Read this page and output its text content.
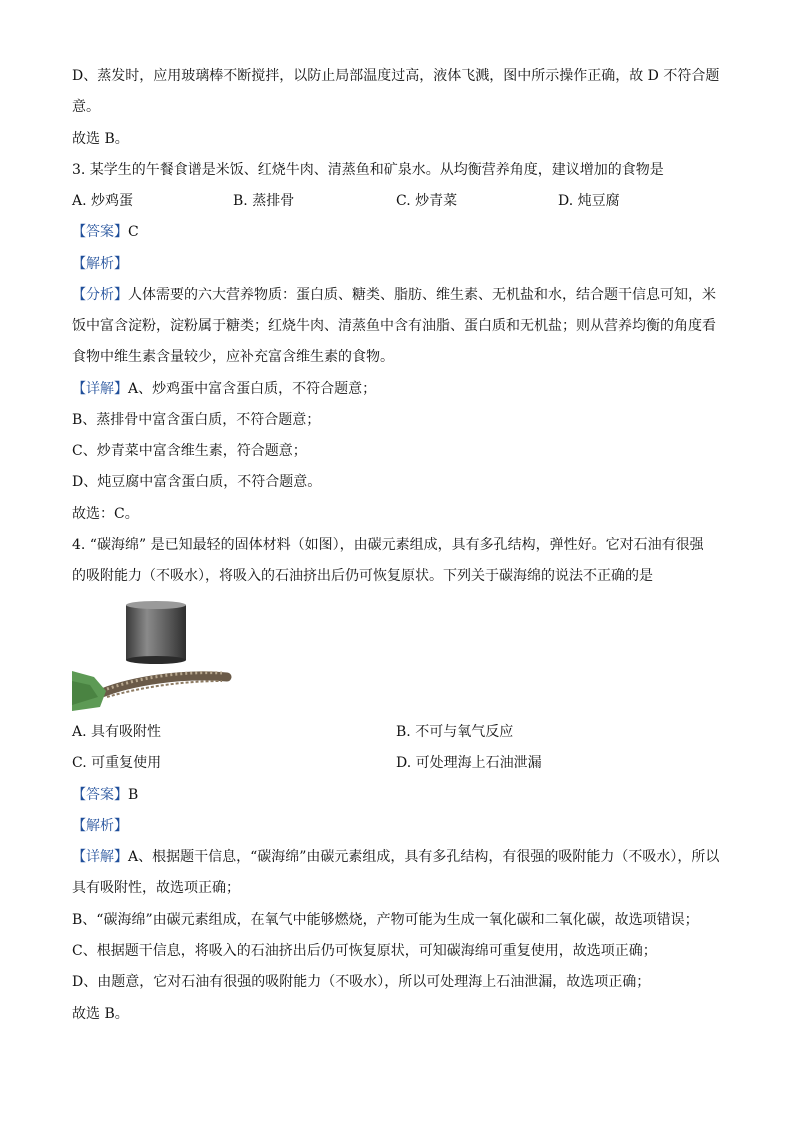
D、蒸发时，应用玻璃棒不断搅拌，以防止局部温度过高，液体飞溅，图中所示操作正确，故 D 不符合题
意。
故选 B。
3. 某学生的午餐食谱是米饭、红烧牛肉、清蒸鱼和矿泉水。从均衡营养角度，建议增加的食物是
A. 炒鸡蛋	B. 蒸排骨	C. 炒青菜	D. 炖豆腐
【答案】C
【解析】
【分析】人体需要的六大营养物质：蛋白质、糖类、脂肪、维生素、无机盐和水，结合题干信息可知，米
饭中富含淀粉，淀粉属于糖类；红烧牛肉、清蒸鱼中含有油脂、蛋白质和无机盐；则从营养均衡的角度看
食物中维生素含量较少，应补充富含维生素的食物。
【详解】A、炒鸡蛋中富含蛋白质，不符合题意；
B、蒸排骨中富含蛋白质，不符合题意；
C、炒青菜中富含维生素，符合题意；
D、炖豆腐中富含蛋白质，不符合题意。
故选：C。
4. “碳海绵” 是已知最轻的固体材料（如图），由碳元素组成，具有多孔结构，弹性好。它对石油有很强
的吸附能力（不吸水），将吸入的石油挤出后仍可恢复原状。下列关于碳海绵的说法不正确的是
A. 具有吸附性	B. 不可与氧气反应
C. 可重复使用	D. 可处理海上石油泄漏
【答案】B
【解析】
【详解】A、根据题干信息，“碳海绵”由碳元素组成，具有多孔结构，有很强的吸附能力（不吸水），所以
具有吸附性，故选项正确；
B、“碳海绵”由碳元素组成，在氧气中能够燃烧，产物可能为生成一氧化碳和二氧化碳，故选项错误；
C、根据题干信息，将吸入的石油挤出后仍可恢复原状，可知碳海绵可重复使用，故选项正确；
D、由题意，它对石油有很强的吸附能力（不吸水），所以可处理海上石油泄漏，故选项正确；
故选 B。
